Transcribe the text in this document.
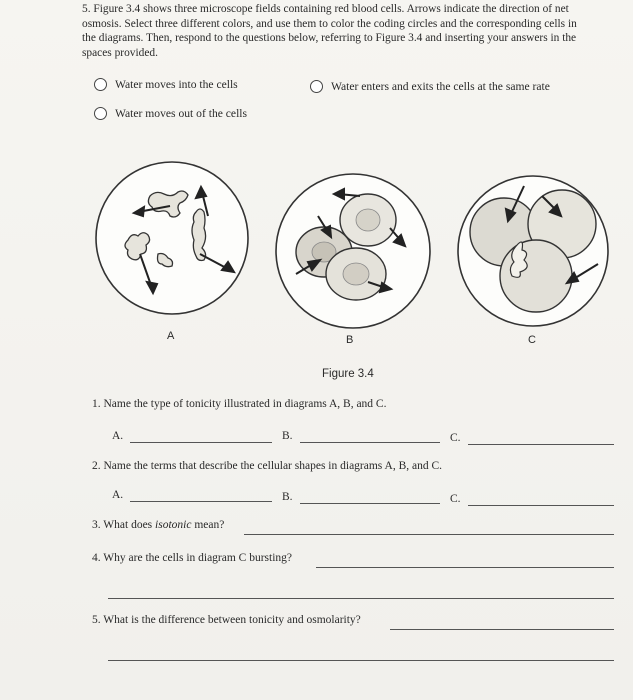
5. Figure 3.4 shows three microscope fields containing red blood cells. Arrows indicate the direction of net osmosis. Select three different colors, and use them to color the coding circles and the corresponding cells in the diagrams. Then, respond to the questions below, referring to Figure 3.4 and inserting your answers in the spaces provided.
Water moves into the cells	Water enters and exits the cells at the same rate
Water moves out of the cells
A	B	C
Figure 3.4
1. Name the type of tonicity illustrated in diagrams A, B, and C.
A.	B.	C.
2. Name the terms that describe the cellular shapes in diagrams A, B, and C.
A.	B.	C.
3. What does isotonic mean?
4. Why are the cells in diagram C bursting?
5. What is the difference between tonicity and osmolarity?
